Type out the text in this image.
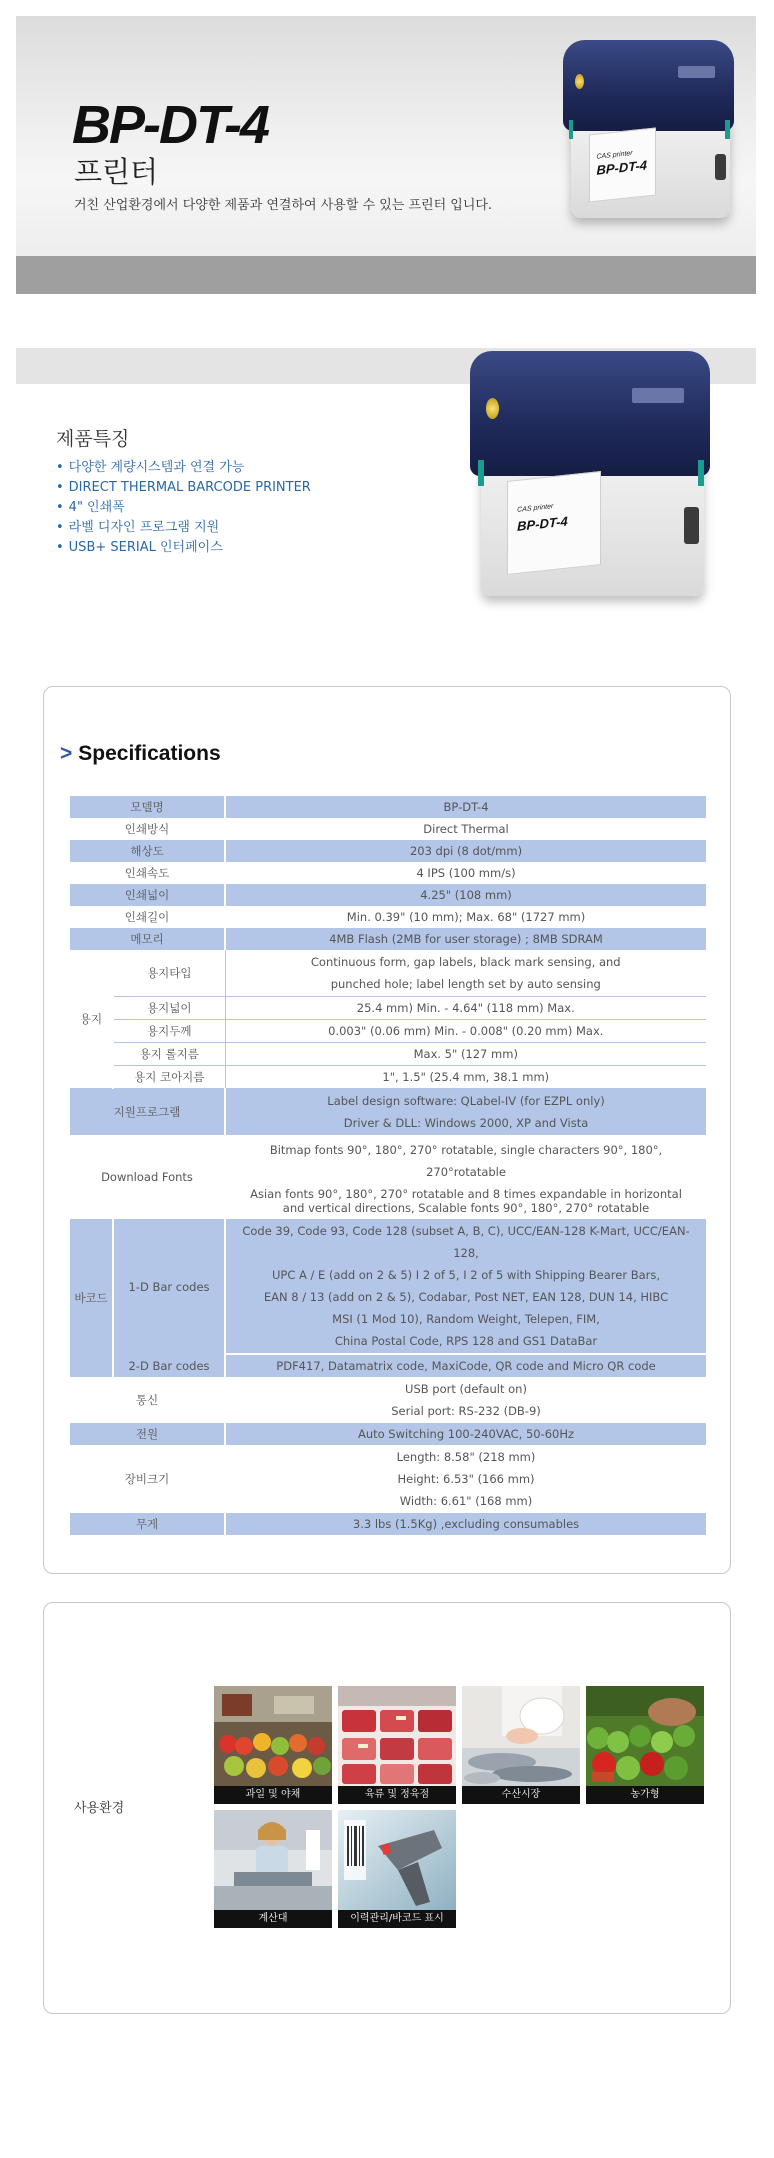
BP-DT-4
프린터
거친 산업환경에서 다양한 제품과 연결하여 사용할 수 있는 프린터 입니다.
CAS printer
BP-DT-4
제품특징
• 다양한 계량시스템과 연결 가능
• DIRECT THERMAL BARCODE PRINTER
• 4" 인쇄폭
• 라벨 디자인 프로그램 지원
• USB+ SERIAL 인터페이스
CAS printer
BP-DT-4
> Specifications
모델명		BP-DT-4
인쇄방식		Direct Thermal
해상도		203 dpi (8 dot/mm)
인쇄속도		4 IPS (100 mm/s)
인쇄넓이		4.25" (108 mm)
인쇄길이		Min. 0.39" (10 mm); Max. 68" (1727 mm)
메모리		4MB Flash (2MB for user storage) ; 8MB SDRAM
용지	용지타입	Continuous form, gap labels, black mark sensing, and
punched hole; label length set by auto sensing

	용지넓이	25.4 mm) Min. - 4.64" (118 mm) Max.
	용지두께	0.003" (0.06 mm) Min. - 0.008" (0.20 mm) Max.
	용지 롤지름	Max. 5" (127 mm)
	용지 코아지름	1", 1.5" (25.4 mm, 38.1 mm)
지원프로그램		Label design software: QLabel-IV (for EZPL only)
Driver & DLL: Windows 2000, XP and Vista

Download Fonts		Bitmap fonts 90°, 180°, 270° rotatable, single characters 90°, 180°, 270°rotatable
Asian fonts 90°, 180°, 270° rotatable and 8 times expandable in horizontal
and vertical directions, Scalable fonts 90°, 180°, 270° rotatable

바코드	1-D Bar codes	Code 39, Code 93, Code 128 (subset A, B, C), UCC/EAN-128 K-Mart, UCC/EAN-128,
UPC A / E (add on 2 & 5) I 2 of 5, I 2 of 5 with Shipping Bearer Bars,
EAN 8 / 13 (add on 2 & 5), Codabar, Post NET, EAN 128, DUN 14, HIBC
MSI (1 Mod 10), Random Weight, Telepen, FIM,
China Postal Code, RPS 128 and GS1 DataBar

	2-D Bar codes	PDF417, Datamatrix code, MaxiCode, QR code and Micro QR code
통신		USB port (default on)
Serial port: RS-232 (DB-9)

전원		Auto Switching 100-240VAC, 50-60Hz
장비크기		Length: 8.58" (218 mm)
Height: 6.53" (166 mm)
Width: 6.61" (168 mm)

무게		3.3 lbs (1.5Kg) ,excluding consumables
사용환경
과일 및 야채	육류 및 정육점	수산시장	농가형
계산대	이력관리/바코드 표시
